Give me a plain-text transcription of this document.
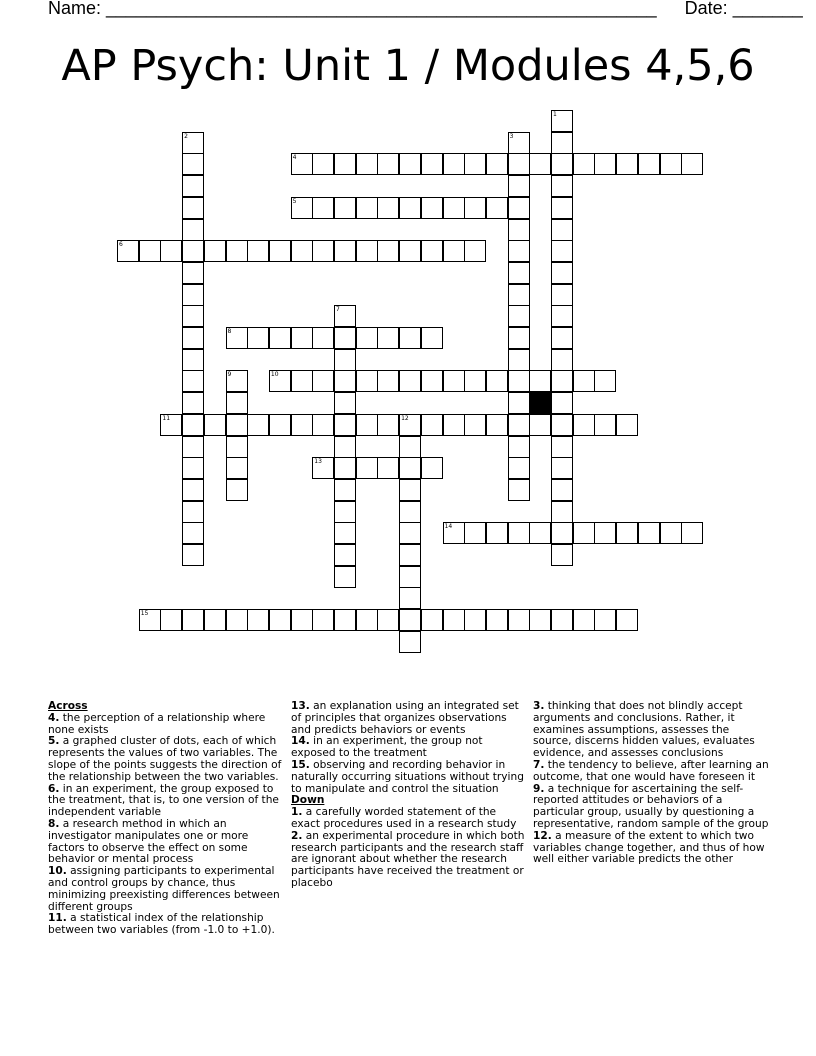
Name: _______________________________________________________ Date: _______
AP Psych: Unit 1 / Modules 4,5,6
1
2	3
4
5
6
7
8
9	10
11	12
13
14
15

Across

4. the perception of a relationship where none exists

5. a graphed cluster of dots, each of which represents the values of two variables. The slope of the points suggests the direction of the relationship between the two variables.

6. in an experiment, the group exposed to the treatment, that is, to one version of the independent variable

8. a research method in which an investigator manipulates one or more factors to observe the effect on some behavior or mental process

10. assigning participants to experimental and control groups by chance, thus minimizing preexisting differences between different groups

11. a statistical index of the relationship between two variables (from -1.0 to +1.0).

13. an explanation using an integrated set of principles that organizes observations and predicts behaviors or events

14. in an experiment, the group not exposed to the treatment

15. observing and recording behavior in naturally occurring situations without trying to manipulate and control the situation

Down

1. a carefully worded statement of the exact procedures used in a research study

2. an experimental procedure in which both research participants and the research staff are ignorant about whether the research participants have received the treatment or placebo

3. thinking that does not blindly accept arguments and conclusions. Rather, it examines assumptions, assesses the source, discerns hidden values, evaluates evidence, and assesses conclusions

7. the tendency to believe, after learning an outcome, that one would have foreseen it

9. a technique for ascertaining the self-reported attitudes or behaviors of a particular group, usually by questioning a representative, random sample of the group

12. a measure of the extent to which two variables change together, and thus of how well either variable predicts the other
